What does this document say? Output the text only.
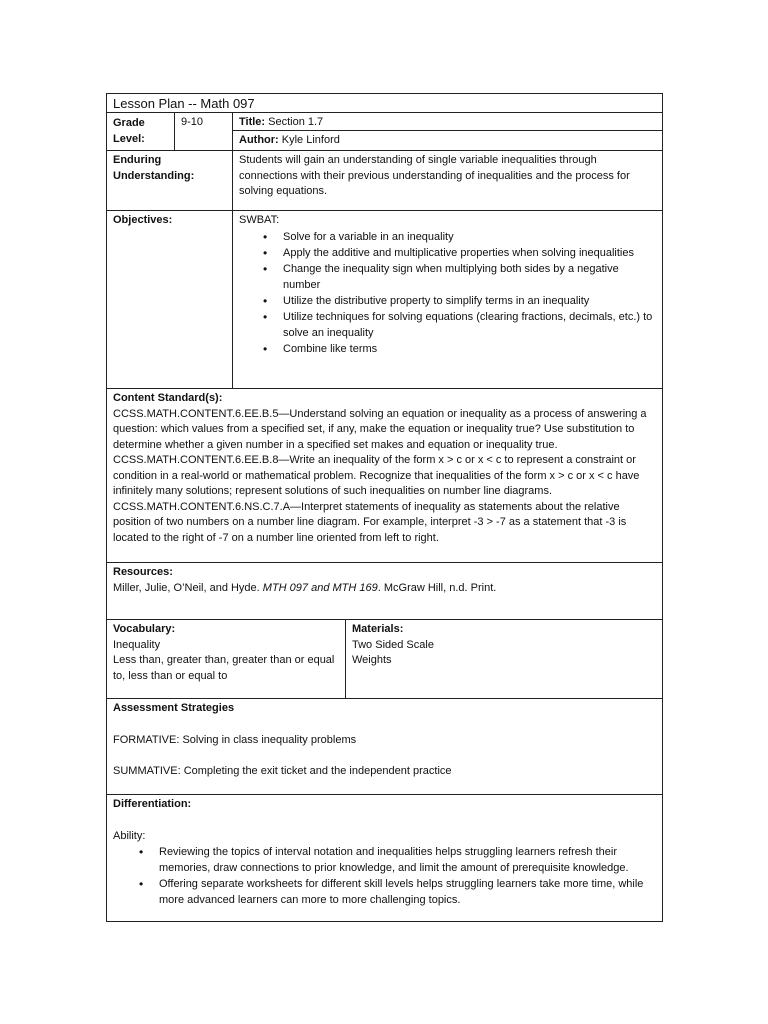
Lesson Plan -- Math 097
Grade
Level:
9-10	Title: Section 1.7
Author: Kyle Linford
Enduring
Understanding:
Students will gain an understanding of single variable inequalities through connections with their previous understanding of inequalities and the process for solving equations.
Objectives:	SWBAT:
• Solve for a variable in an inequality
• Apply the additive and multiplicative properties when solving inequalities
• Change the inequality sign when multiplying both sides by a negative number
• Utilize the distributive property to simplify terms in an inequality
• Utilize techniques for solving equations (clearing fractions, decimals, etc.) to solve an inequality
• Combine like terms
Content Standard(s):
CCSS.MATH.CONTENT.6.EE.B.5—Understand solving an equation or inequality as a process of answering a question: which values from a specified set, if any, make the equation or inequality true? Use substitution to determine whether a given number in a specified set makes and equation or inequality true. CCSS.MATH.CONTENT.6.EE.B.8—Write an inequality of the form x > c or x < c to represent a constraint or condition in a real-world or mathematical problem. Recognize that inequalities of the form x > c or x < c have infinitely many solutions; represent solutions of such inequalities on number line diagrams. CCSS.MATH.CONTENT.6.NS.C.7.A—Interpret statements of inequality as statements about the relative position of two numbers on a number line diagram. For example, interpret -3 > -7 as a statement that -3 is located to the right of -7 on a number line oriented from left to right.
Resources:
Miller, Julie, O’Neil, and Hyde. MTH 097 and MTH 169. McGraw Hill, n.d. Print.
Vocabulary:
Inequality
Less than, greater than, greater than or equal to, less than or equal to
Materials:
Two Sided Scale
Weights
Assessment Strategies
FORMATIVE: Solving in class inequality problems
SUMMATIVE: Completing the exit ticket and the independent practice
Differentiation:
Ability:
• Reviewing the topics of interval notation and inequalities helps struggling learners refresh their memories, draw connections to prior knowledge, and limit the amount of prerequisite knowledge.
• Offering separate worksheets for different skill levels helps struggling learners take more time, while more advanced learners can more to more challenging topics.
